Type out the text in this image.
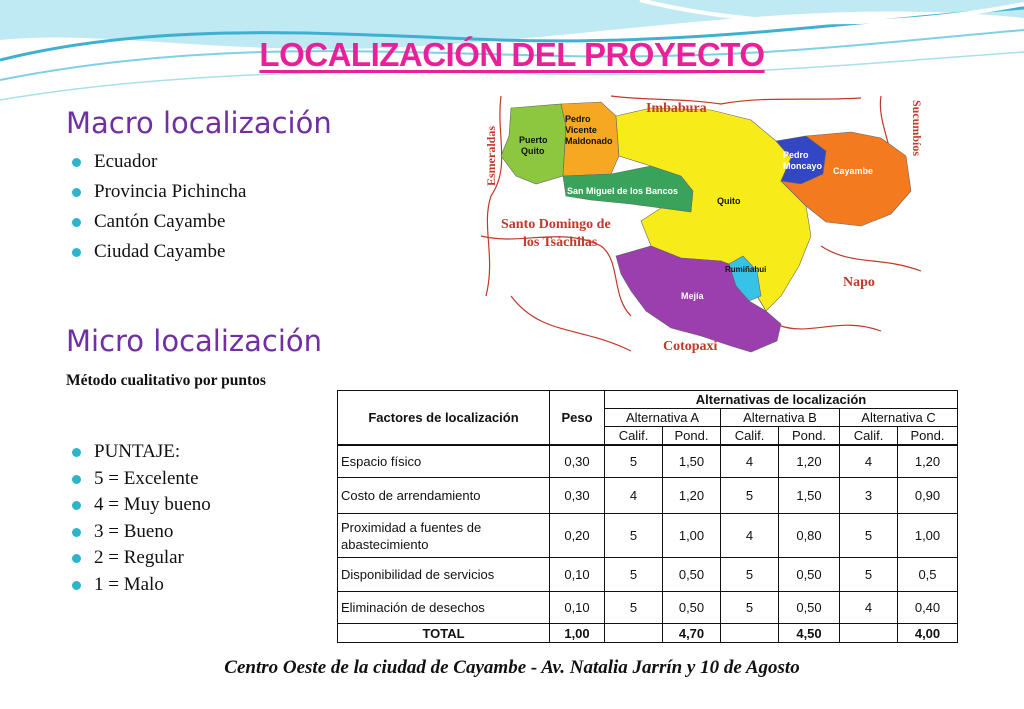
LOCALIZACIÓN DEL PROYECTO
Macro localización
Ecuador
Provincia Pichincha
Cantón Cayambe
Ciudad Cayambe
Micro localización
Método cualitativo por puntos
PUNTAJE:
5 = Excelente
4 = Muy bueno
3 = Bueno
2 = Regular
1 = Malo
Imbabura
Esmeraldas	Sucumbíos
Santo Domingo de
los Tsáchilas
Napo
Cotopaxi
Puerto
Quito
Pedro
Vicente
Maldonado
San Miguel de los Bancos
Quito
Pedro
Moncayo Cayambe
Rumiñahui
Mejía
Factores de localización	Peso	Alternativas de localización					
		Alternativa A		Alternativa B		Alternativa C	
		Calif.	Pond.	Calif.	Pond.	Calif.	Pond.
Espacio físico	0,30	5	1,50	4	1,20	4	1,20
Costo de arrendamiento	0,30	4	1,20	5	1,50	3	0,90
Proximidad a fuentes de abastecimiento	0,20	5	1,00	4	0,80	5	1,00
Disponibilidad de servicios	0,10	5	0,50	5	0,50	5	0,5
Eliminación de desechos	0,10	5	0,50	5	0,50	4	0,40
TOTAL	1,00		4,70		4,50		4,00
Centro Oeste de la ciudad de Cayambe - Av. Natalia Jarrín y 10 de Agosto
